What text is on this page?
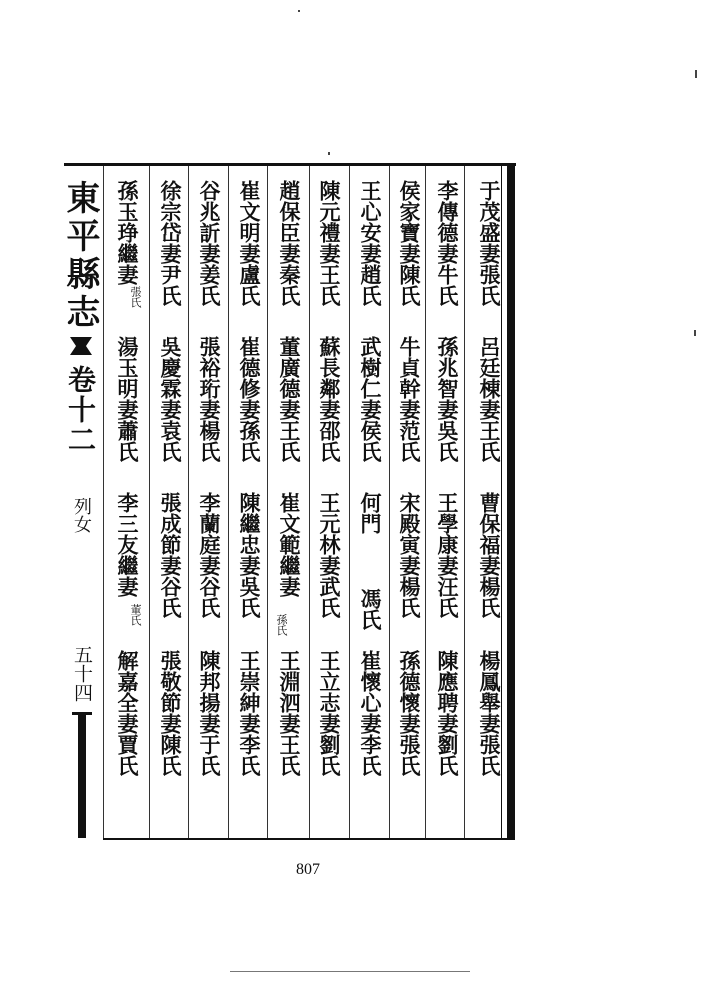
東平縣志
卷十二
列女
五十四
于茂盛妻張氏
呂廷棟妻王氏
曹保福妻楊氏
楊鳳舉妻張氏
李傳德妻牛氏
孫兆智妻吳氏
王學康妻汪氏
陳應聘妻劉氏
侯家寶妻陳氏
牛貞幹妻范氏
宋殿寅妻楊氏
孫德懷妻張氏
王心安妻趙氏
武樹仁妻侯氏
何門
馮氏
崔懷心妻李氏
陳元禮妻王氏
蘇長鄰妻邵氏
王元林妻武氏
王立志妻劉氏
趙保臣妻秦氏
董廣德妻王氏
崔文範繼妻
孫氏
王淵泗妻王氏
崔文明妻盧氏
崔德修妻孫氏
陳繼忠妻吳氏
王崇紳妻李氏
谷兆訢妻姜氏
張裕珩妻楊氏
李蘭庭妻谷氏
陳邦揚妻于氏
徐宗岱妻尹氏
吳慶霖妻袁氏
張成節妻谷氏
張敬節妻陳氏
孫玉琤繼妻
張氏
湯玉明妻蕭氏
李三友繼妻
董氏
解嘉全妻賈氏
807
